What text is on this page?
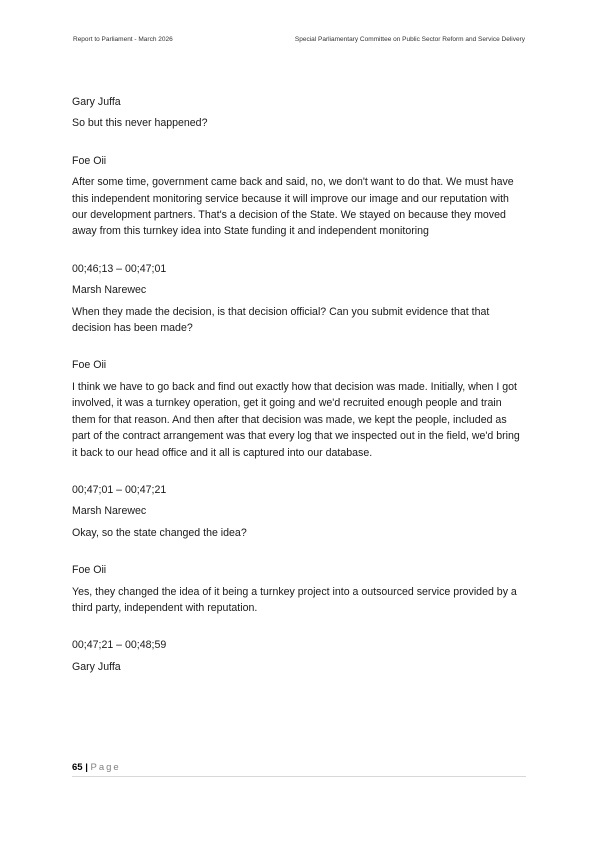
Report to Parliament - March 2026	Special Parliamentary Committee on Public Sector Reform and Service Delivery

Gary Juffa

So but this never happened?

Foe Oii

After some time, government came back and said, no, we don't want to do that. We must have this independent monitoring service because it will improve our image and our reputation with our development partners. That's a decision of the State. We stayed on because they moved away from this turnkey idea into State funding it and independent monitoring

00;46;13 – 00;47;01

Marsh Narewec

When they made the decision, is that decision official? Can you submit evidence that that decision has been made?

Foe Oii

I think we have to go back and find out exactly how that decision was made. Initially, when I got involved, it was a turnkey operation, get it going and we'd recruited enough people and train them for that reason. And then after that decision was made, we kept the people, included as part of the contract arrangement was that every log that we inspected out in the field, we'd bring it back to our head office and it all is captured into our database.

00;47;01 – 00;47;21

Marsh Narewec

Okay, so the state changed the idea?

Foe Oii

Yes, they changed the idea of it being a turnkey project into a outsourced service provided by a third party, independent with reputation.

00;47;21 – 00;48;59

Gary Juffa

65 | Page
